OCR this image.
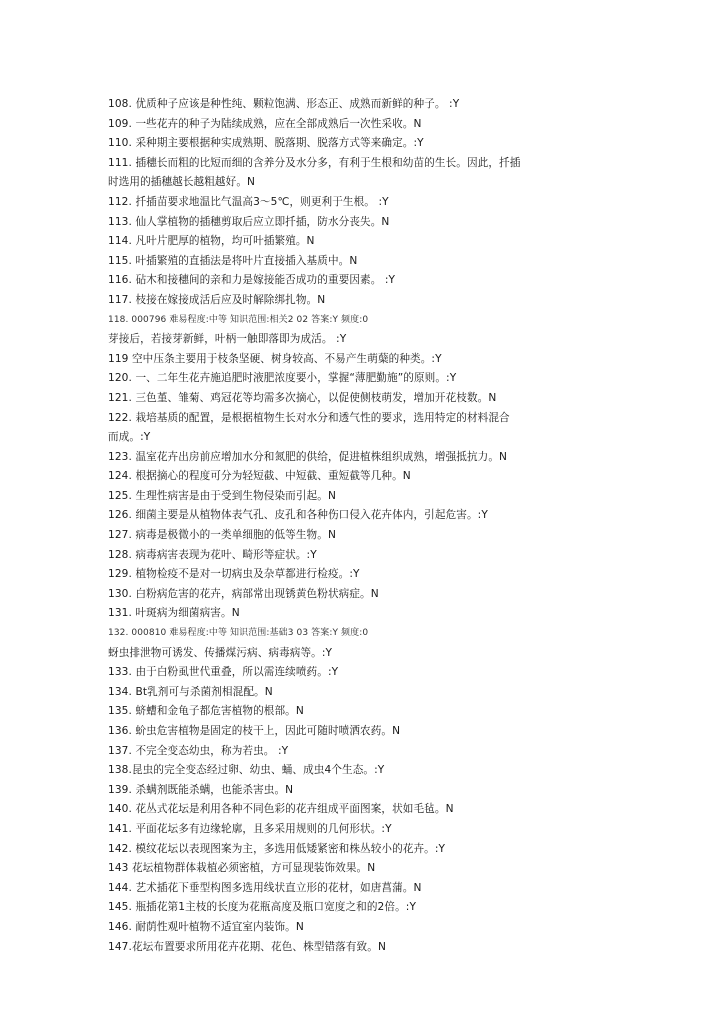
108. 优质种子应该是种性纯、颗粒饱满、形态正、成熟而新鲜的种子。 :Y
109. 一些花卉的种子为陆续成熟，应在全部成熟后一次性采收。N
110. 采种期主要根据种实成熟期、脱落期、脱落方式等来确定。:Y
111. 插穗长而粗的比短而细的含养分及水分多，有利于生根和幼苗的生长。因此，扦插
时选用的插穗越长越粗越好。N
112. 扦插苗要求地温比气温高3～5℃，则更利于生根。 :Y
113. 仙人掌植物的插穗剪取后应立即扦插，防水分丧失。N
114. 凡叶片肥厚的植物，均可叶插繁殖。N
115. 叶插繁殖的直插法是将叶片直接插入基质中。N
116. 砧木和接穗间的亲和力是嫁接能否成功的重要因素。 :Y
117. 枝接在嫁接成活后应及时解除绑扎物。N
118. 000796 难易程度:中等 知识范围:相关2 02 答案:Y 频度:0
芽接后，若接芽新鲜，叶柄一触即落即为成活。 :Y
119 空中压条主要用于枝条坚硬、树身较高、不易产生萌蘖的种类。:Y
120. 一、二年生花卉施追肥时液肥浓度要小，掌握“薄肥勤施”的原则。:Y
121. 三色堇、雏菊、鸡冠花等均需多次摘心，以促使侧枝萌发，增加开花枝数。N
122. 栽培基质的配置，是根据植物生长对水分和透气性的要求，选用特定的材料混合
而成。:Y
123. 温室花卉出房前应增加水分和氮肥的供给，促进植株组织成熟，增强抵抗力。N
124. 根据摘心的程度可分为轻短截、中短截、重短截等几种。N
125. 生理性病害是由于受到生物侵染而引起。N
126. 细菌主要是从植物体表气孔、皮孔和各种伤口侵入花卉体内，引起危害。:Y
127. 病毒是极微小的一类单细胞的低等生物。N
128. 病毒病害表现为花叶、畸形等症状。:Y
129. 植物检疫不是对一切病虫及杂草都进行检疫。:Y
130. 白粉病危害的花卉，病部常出现锈黄色粉状病症。N
131. 叶斑病为细菌病害。N
132. 000810 难易程度:中等 知识范围:基础3 03 答案:Y 频度:0
蚜虫排泄物可诱发、传播煤污病、病毒病等。:Y
133. 由于白粉虱世代重叠，所以需连续喷药。:Y
134. Bt乳剂可与杀菌剂相混配。N
135. 蛴螬和金龟子都危害植物的根部。N
136. 蚧虫危害植物是固定的枝干上，因此可随时喷洒农药。N
137. 不完全变态幼虫，称为若虫。 :Y
138.昆虫的完全变态经过卵、幼虫、蛹、成虫4个生态。:Y
139. 杀螨剂既能杀螨，也能杀害虫。N
140. 花丛式花坛是利用各种不同色彩的花卉组成平面图案，状如毛毡。N
141. 平面花坛多有边缘轮廓，且多采用规则的几何形状。:Y
142. 模纹花坛以表现图案为主，多选用低矮紧密和株丛较小的花卉。:Y
143 花坛植物群体栽植必须密植，方可显现装饰效果。N
144. 艺术插花下垂型构图多选用线状直立形的花材，如唐菖蒲。N
145. 瓶插花第1主枝的长度为花瓶高度及瓶口宽度之和的2倍。:Y
146. 耐荫性观叶植物不适宜室内装饰。N
147.花坛布置要求所用花卉花期、花色、株型错落有致。N
